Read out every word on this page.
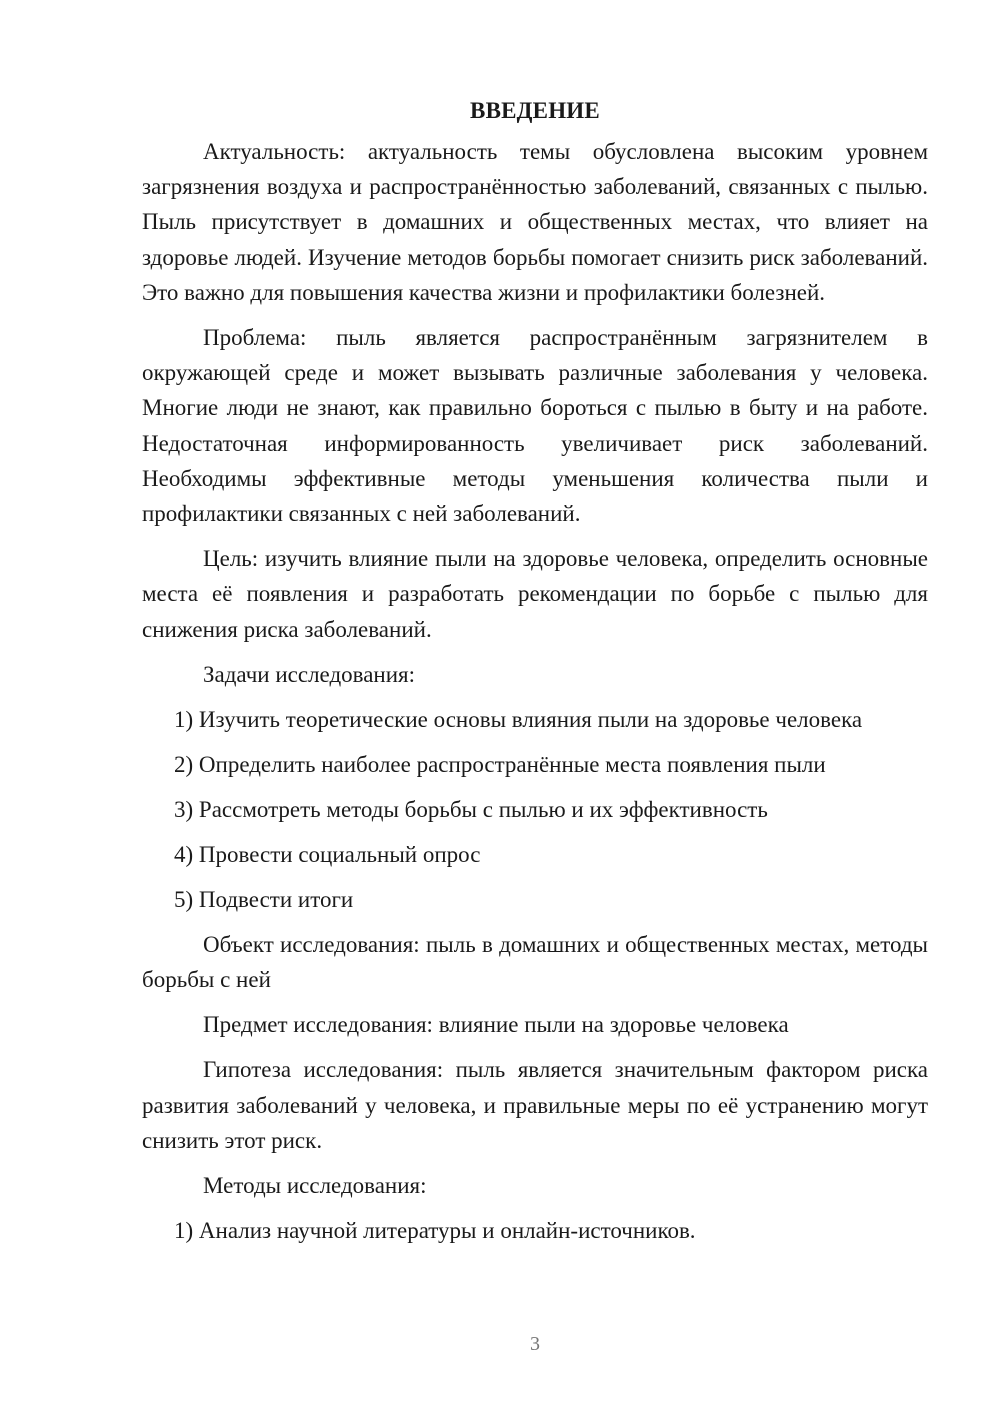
ВВЕДЕНИЕ

Актуальность: актуальность темы обусловлена высоким уровнем загрязнения воздуха и распространённостью заболеваний, связанных с пылью. Пыль присутствует в домашних и общественных местах, что влияет на здоровье людей. Изучение методов борьбы помогает снизить риск заболеваний. Это важно для повышения качества жизни и профилактики болезней.

Проблема: пыль является распространённым загрязнителем в окружающей среде и может вызывать различные заболевания у человека. Многие люди не знают, как правильно бороться с пылью в быту и на работе. Недостаточная информированность увеличивает риск заболеваний. Необходимы эффективные методы уменьшения количества пыли и профилактики связанных с ней заболеваний.

Цель: изучить влияние пыли на здоровье человека, определить основные места её появления и разработать рекомендации по борьбе с пылью для снижения риска заболеваний.

Задачи исследования:
1) Изучить теоретические основы влияния пыли на здоровье человека
2) Определить наиболее распространённые места появления пыли
3) Рассмотреть методы борьбы с пылью и их эффективность
4) Провести социальный опрос
5) Подвести итоги

Объект исследования: пыль в домашних и общественных местах, методы борьбы с ней

Предмет исследования: влияние пыли на здоровье человека

Гипотеза исследования: пыль является значительным фактором риска развития заболеваний у человека, и правильные меры по её устранению могут снизить этот риск.

Методы исследования:
1) Анализ научной литературы и онлайн-источников.
3
